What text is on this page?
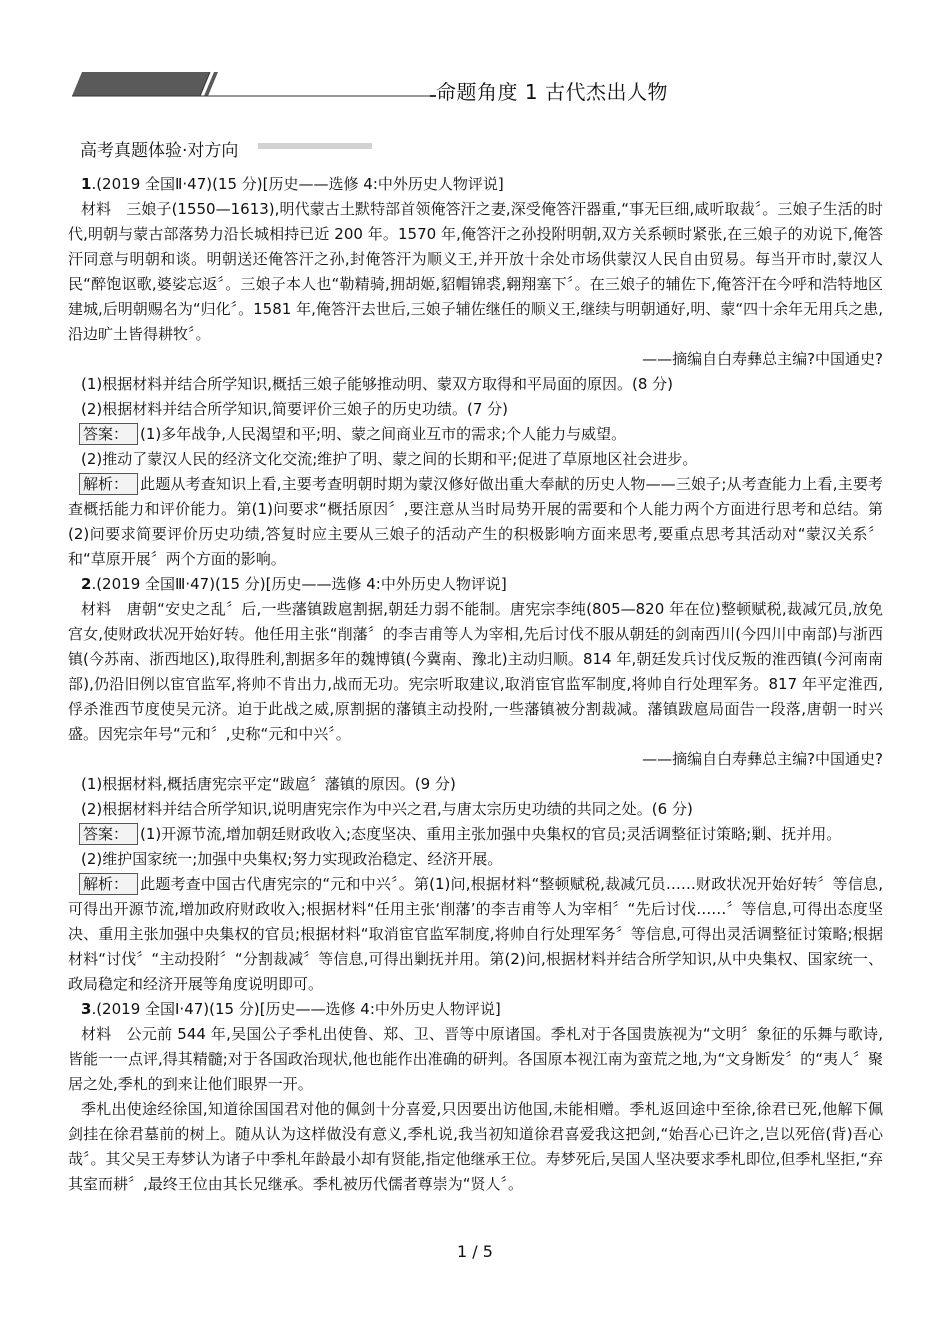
命题角度 1 古代杰出人物
高考真题体验·对方向

1.(2019 全国Ⅱ·47)(15 分)[历史——选修 4:中外历史人物评说]

材料　三娘子(1550—1613),明代蒙古土默特部首领俺答汗之妻,深受俺答汗器重,“事无巨细,咸听取裁〞。三娘子生活的时代,明朝与蒙古部落势力沿长城相持已近 200 年。1570 年,俺答汗之孙投附明朝,双方关系顿时紧张,在三娘子的劝说下,俺答汗同意与明朝和谈。明朝送还俺答汗之孙,封俺答汗为顺义王,并开放十余处市场供蒙汉人民自由贸易。每当开市时,蒙汉人民“醉饱讴歌,婆娑忘返〞。三娘子本人也“勒精骑,拥胡姬,貂帽锦裘,翱翔塞下〞。在三娘子的辅佐下,俺答汗在今呼和浩特地区建城,后明朝赐名为“归化〞。1581 年,俺答汗去世后,三娘子辅佐继任的顺义王,继续与明朝通好,明、蒙“四十余年无用兵之患,沿边旷土皆得耕牧〞。

——摘编自白寿彝总主编?中国通史?

(1)根据材料并结合所学知识,概括三娘子能够推动明、蒙双方取得和平局面的原因。(8 分)

(2)根据材料并结合所学知识,简要评价三娘子的历史功绩。(7 分)

答案： (1)多年战争,人民渴望和平;明、蒙之间商业互市的需求;个人能力与威望。

(2)推动了蒙汉人民的经济文化交流;维护了明、蒙之间的长期和平;促进了草原地区社会进步。

解析： 此题从考查知识上看,主要考查明朝时期为蒙汉修好做出重大奉献的历史人物——三娘子;从考查能力上看,主要考查概括能力和评价能力。第(1)问要求“概括原因〞,要注意从当时局势开展的需要和个人能力两个方面进行思考和总结。第(2)问要求简要评价历史功绩,答复时应主要从三娘子的活动产生的积极影响方面来思考,要重点思考其活动对“蒙汉关系〞和“草原开展〞两个方面的影响。

2.(2019 全国Ⅲ·47)(15 分)[历史——选修 4:中外历史人物评说]

材料　唐朝“安史之乱〞后,一些藩镇跋扈割据,朝廷力弱不能制。唐宪宗李纯(805—820 年在位)整顿赋税,裁减冗员,放免宫女,使财政状况开始好转。他任用主张“削藩〞的李吉甫等人为宰相,先后讨伐不服从朝廷的剑南西川(今四川中南部)与浙西镇(今苏南、浙西地区),取得胜利,割据多年的魏博镇(今冀南、豫北)主动归顺。814 年,朝廷发兵讨伐反叛的淮西镇(今河南南部),仍沿旧例以宦官监军,将帅不肯出力,战而无功。宪宗听取建议,取消宦官监军制度,将帅自行处理军务。817 年平定淮西,俘杀淮西节度使吴元济。迫于此战之威,原割据的藩镇主动投附,一些藩镇被分割裁减。藩镇跋扈局面告一段落,唐朝一时兴盛。因宪宗年号“元和〞,史称“元和中兴〞。

——摘编自白寿彝总主编?中国通史?

(1)根据材料,概括唐宪宗平定“跋扈〞藩镇的原因。(9 分)

(2)根据材料并结合所学知识,说明唐宪宗作为中兴之君,与唐太宗历史功绩的共同之处。(6 分)

答案： (1)开源节流,增加朝廷财政收入;态度坚决、重用主张加强中央集权的官员;灵活调整征讨策略;剿、抚并用。

(2)维护国家统一;加强中央集权;努力实现政治稳定、经济开展。

解析： 此题考查中国古代唐宪宗的“元和中兴〞。第(1)问,根据材料“整顿赋税,裁减冗员……财政状况开始好转〞等信息,可得出开源节流,增加政府财政收入;根据材料“任用主张‘削藩’的李吉甫等人为宰相〞“先后讨伐……〞等信息,可得出态度坚决、重用主张加强中央集权的官员;根据材料“取消宦官监军制度,将帅自行处理军务〞等信息,可得出灵活调整征讨策略;根据材料“讨伐〞“主动投附〞“分割裁减〞等信息,可得出剿抚并用。第(2)问,根据材料并结合所学知识,从中央集权、国家统一、政局稳定和经济开展等角度说明即可。

3.(2019 全国Ⅰ·47)(15 分)[历史——选修 4:中外历史人物评说]

材料　公元前 544 年,吴国公子季札出使鲁、郑、卫、晋等中原诸国。季札对于各国贵族视为“文明〞象征的乐舞与歌诗,皆能一一点评,得其精髓;对于各国政治现状,他也能作出准确的研判。各国原本视江南为蛮荒之地,为“文身断发〞的“夷人〞聚居之处,季札的到来让他们眼界一开。

季札出使途经徐国,知道徐国国君对他的佩剑十分喜爱,只因要出访他国,未能相赠。季札返回途中至徐,徐君已死,他解下佩剑挂在徐君墓前的树上。随从认为这样做没有意义,季札说,我当初知道徐君喜爱我这把剑,“始吾心已许之,岂以死倍(背)吾心哉〞。其父吴王寿梦认为诸子中季札年龄最小却有贤能,指定他继承王位。寿梦死后,吴国人坚决要求季札即位,但季札坚拒,“弃其室而耕〞,最终王位由其长兄继承。季札被历代儒者尊崇为“贤人〞。

1 / 5
